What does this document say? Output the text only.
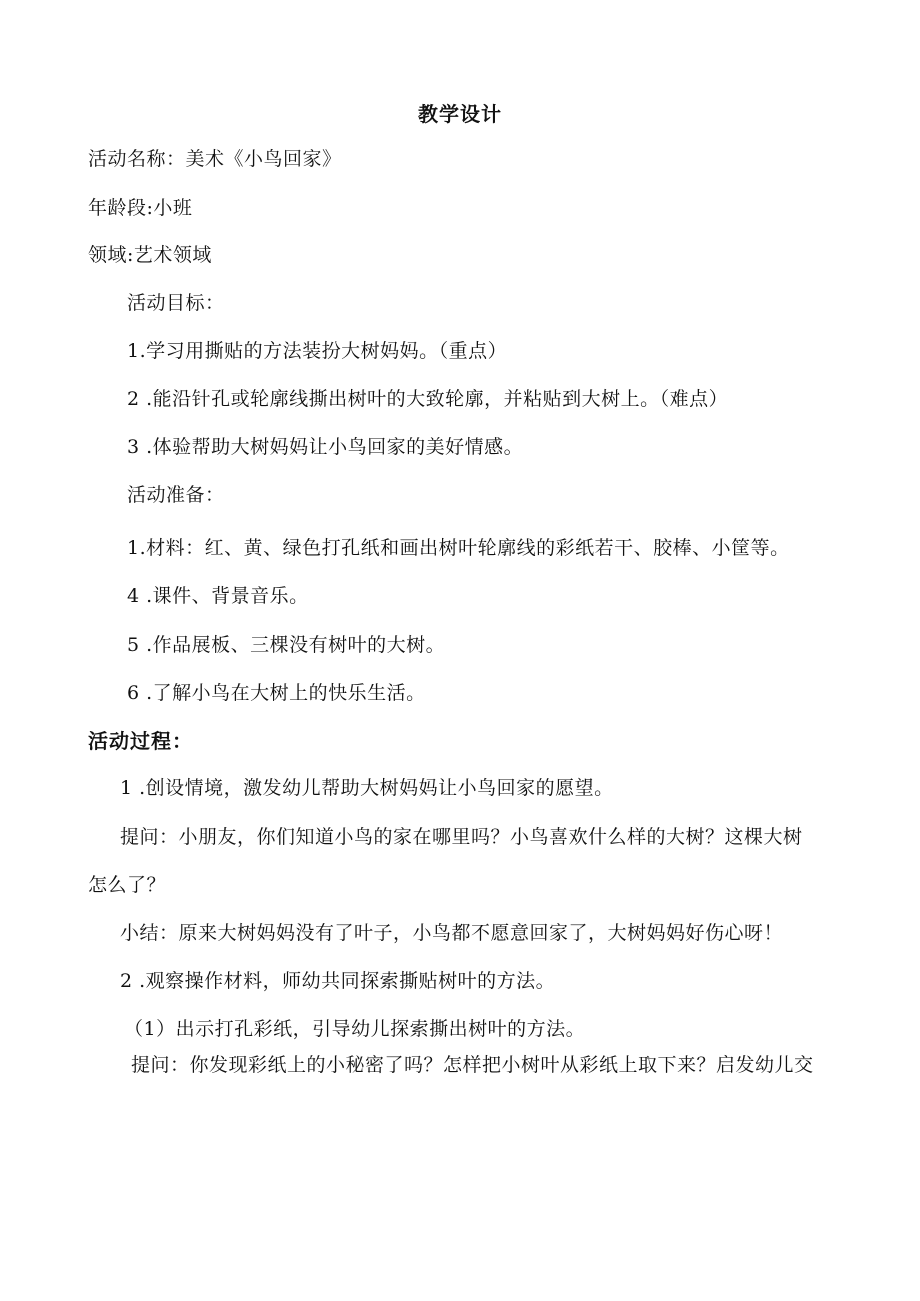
教学设计
活动名称：美术《小鸟回家》
年龄段:小班
领域:艺术领域
活动目标：
1.学习用撕贴的方法装扮大树妈妈。（重点）
2 .能沿针孔或轮廓线撕出树叶的大致轮廓，并粘贴到大树上。（难点）
3 .体验帮助大树妈妈让小鸟回家的美好情感。
活动准备：
1.材料：红、黄、绿色打孔纸和画出树叶轮廓线的彩纸若干、胶棒、小筐等。
4 .课件、背景音乐。
5 .作品展板、三棵没有树叶的大树。
6 .了解小鸟在大树上的快乐生活。
活动过程：
1 .创设情境，激发幼儿帮助大树妈妈让小鸟回家的愿望。
提问：小朋友，你们知道小鸟的家在哪里吗？小鸟喜欢什么样的大树？这棵大树
怎么了？
小结：原来大树妈妈没有了叶子，小鸟都不愿意回家了，大树妈妈好伤心呀！
2 .观察操作材料，师幼共同探索撕贴树叶的方法。
（1）出示打孔彩纸，引导幼儿探索撕出树叶的方法。
提问：你发现彩纸上的小秘密了吗？怎样把小树叶从彩纸上取下来？启发幼儿交
